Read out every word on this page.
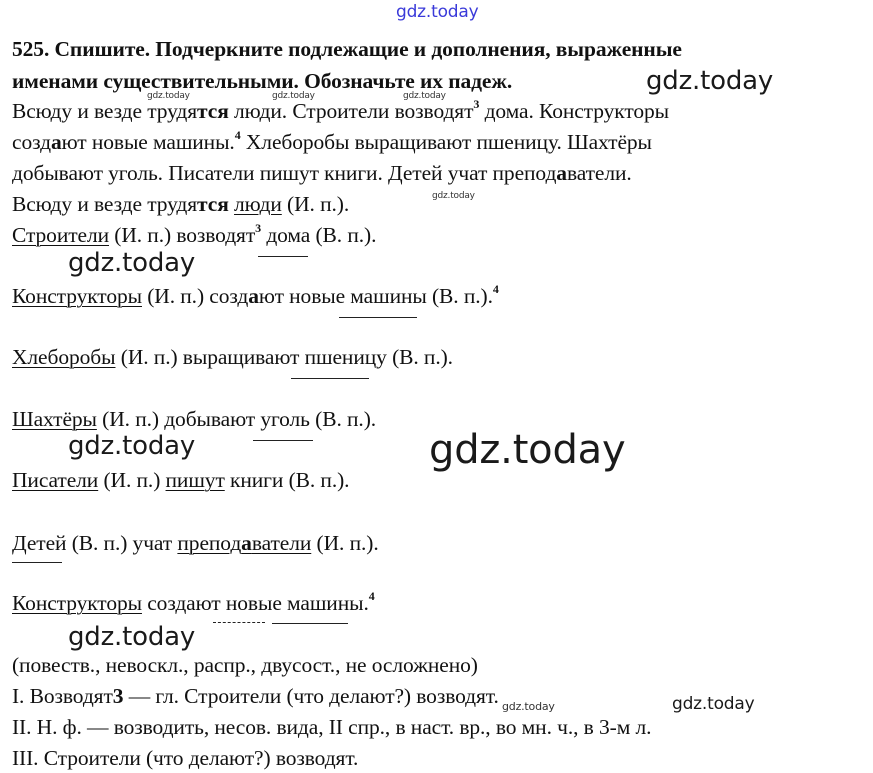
gdz.today
gdz.today
gdz.today	gdz.today	gdz.today
gdz.today
gdz.today
gdz.today	gdz.today
gdz.today
gdz.today	gdz.today
525. Спишите. Подчеркните подлежащие и дополнения, выраженные
именами существительными. Обозначьте их падеж.
Всюду и везде трудятся люди. Строители возводят$^3$ дома. Конструкторы
создают новые машины.$^4$ Хлеборобы выращивают пшеницу. Шахтёры
добывают уголь. Писатели пишут книги. Детей учат преподаватели.
Всюду и везде трудятся люди (И. п.).
Строители (И. п.) возводят$^3$ дома (В. п.).
Конструкторы (И. п.) создают новые машины (В. п.).$^4$
Хлеборобы (И. п.) выращивают пшеницу (В. п.).
Шахтёры (И. п.) добывают уголь (В. п.).
Писатели (И. п.) пишут книги (В. п.).
Детей (В. п.) учат преподаватели (И. п.).
Конструкторы создают новые машины.$^4$
(повеств., невоскл., распр., двусост., не осложнено)
I. Возводят3 — гл. Строители (что делают?) возводят.
II. Н. ф. — возводить, несов. вида, II спр., в наст. вр., во мн. ч., в 3-м л.
III. Строители (что делают?) возводят.
